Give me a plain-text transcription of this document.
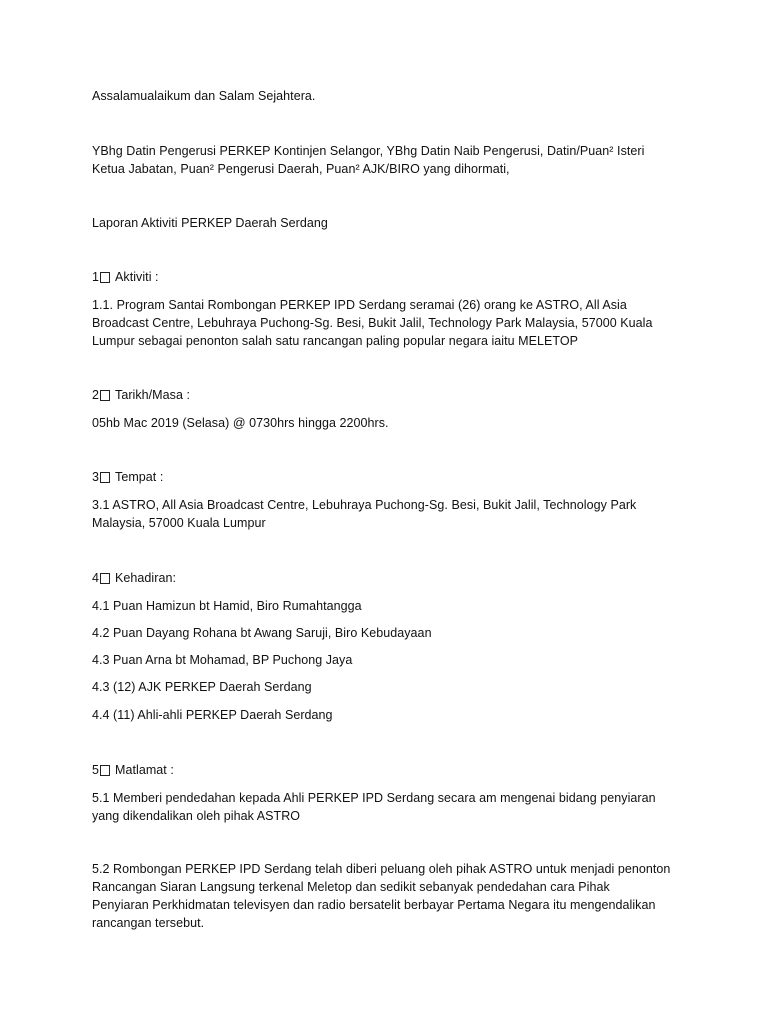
Assalamualaikum dan Salam Sejahtera.
YBhg Datin Pengerusi PERKEP Kontinjen Selangor, YBhg Datin Naib Pengerusi, Datin/Puan² Isteri
Ketua Jabatan, Puan² Pengerusi Daerah, Puan² AJK/BIRO yang dihormati,
Laporan Aktiviti PERKEP Daerah Serdang
1 Aktiviti :
1.1. Program Santai Rombongan PERKEP IPD Serdang seramai (26) orang ke ASTRO, All Asia
Broadcast Centre, Lebuhraya Puchong-Sg. Besi, Bukit Jalil, Technology Park Malaysia, 57000 Kuala
Lumpur sebagai penonton salah satu rancangan paling popular negara iaitu MELETOP
2 Tarikh/Masa :
05hb Mac 2019 (Selasa) @ 0730hrs hingga 2200hrs.
3 Tempat :
3.1 ASTRO, All Asia Broadcast Centre, Lebuhraya Puchong-Sg. Besi, Bukit Jalil, Technology Park
Malaysia, 57000 Kuala Lumpur
4 Kehadiran:
4.1 Puan Hamizun bt Hamid, Biro Rumahtangga
4.2 Puan Dayang Rohana bt Awang Saruji, Biro Kebudayaan
4.3 Puan Arna bt Mohamad, BP Puchong Jaya
4.3 (12) AJK PERKEP Daerah Serdang
4.4 (11) Ahli-ahli PERKEP Daerah Serdang
5 Matlamat :
5.1 Memberi pendedahan kepada Ahli PERKEP IPD Serdang secara am mengenai bidang penyiaran
yang dikendalikan oleh pihak ASTRO
5.2 Rombongan PERKEP IPD Serdang telah diberi peluang oleh pihak ASTRO untuk menjadi penonton
Rancangan Siaran Langsung terkenal Meletop dan sedikit sebanyak pendedahan cara Pihak
Penyiaran Perkhidmatan televisyen dan radio bersatelit berbayar Pertama Negara itu mengendalikan
rancangan tersebut.
